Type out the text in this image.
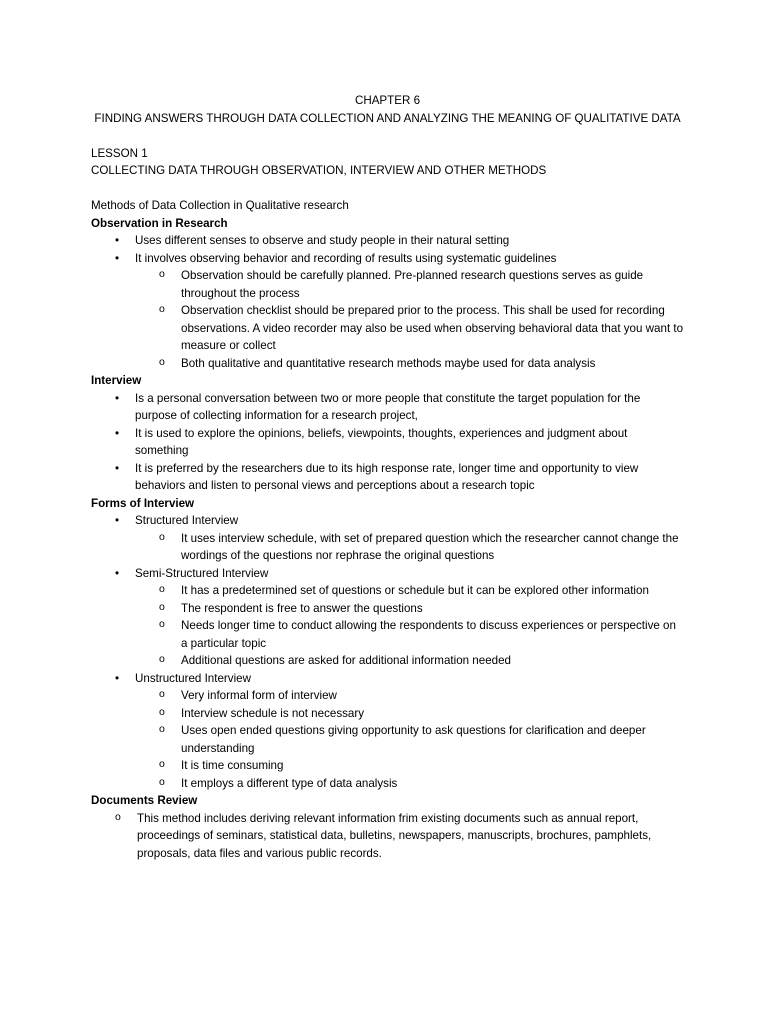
CHAPTER 6
FINDING ANSWERS THROUGH DATA COLLECTION AND ANALYZING THE MEANING OF QUALITATIVE DATA
LESSON 1
COLLECTING DATA THROUGH OBSERVATION, INTERVIEW AND OTHER METHODS
Methods of Data Collection in Qualitative research
Observation in Research
• Uses different senses to observe and study people in their natural setting
• It involves observing behavior and recording of results using systematic guidelines
o Observation should be carefully planned. Pre-planned research questions serves as guide throughout the process
o Observation checklist should be prepared prior to the process. This shall be used for recording observations. A video recorder may also be used when observing behavioral data that you want to measure or collect
o Both qualitative and quantitative research methods maybe used for data analysis
Interview
• Is a personal conversation between two or more people that constitute the target population for the purpose of collecting information for a research project,
• It is used to explore the opinions, beliefs, viewpoints, thoughts, experiences and judgment about something
• It is preferred by the researchers due to its high response rate, longer time and opportunity to view behaviors and listen to personal views and perceptions about a research topic
Forms of Interview
• Structured Interview
o It uses interview schedule, with set of prepared question which the researcher cannot change the wordings of the questions nor rephrase the original questions
• Semi-Structured Interview
o It has a predetermined set of questions or schedule but it can be explored other information
o The respondent is free to answer the questions
o Needs longer time to conduct allowing the respondents to discuss experiences or perspective on a particular topic
o Additional questions are asked for additional information needed
• Unstructured Interview
o Very informal form of interview
o Interview schedule is not necessary
o Uses open ended questions giving opportunity to ask questions for clarification and deeper understanding
o It is time consuming
o It employs a different type of data analysis
Documents Review
o This method includes deriving relevant information frim existing documents such as annual report, proceedings of seminars, statistical data, bulletins, newspapers, manuscripts, brochures, pamphlets, proposals, data files and various public records.
